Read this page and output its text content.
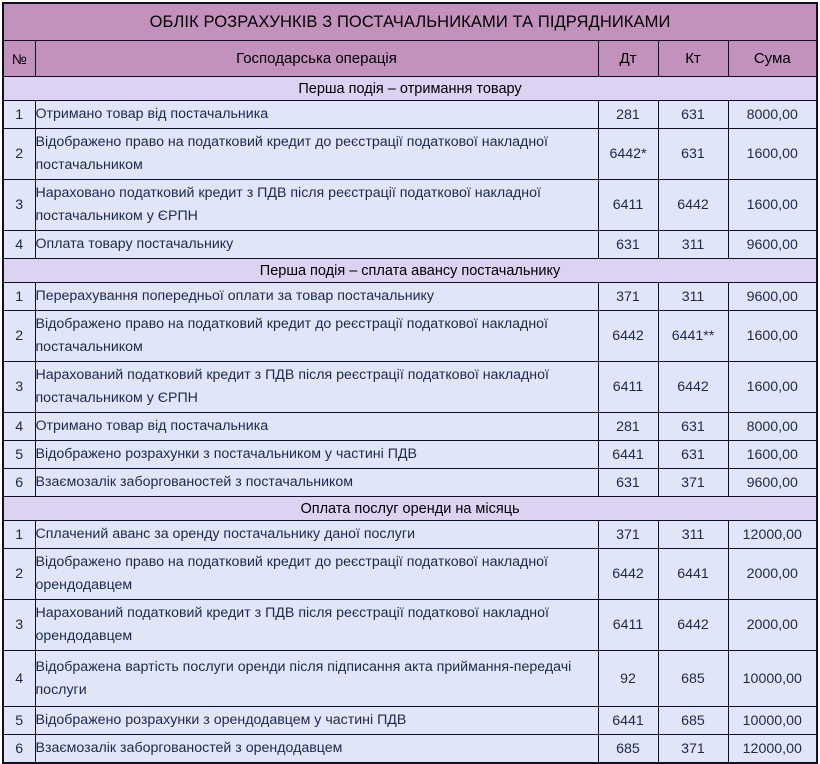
ОБЛІК РОЗРАХУНКІВ З ПОСТАЧАЛЬНИКАМИ ТА ПІДРЯДНИКАМИ				
№	Господарська операція	Дт	Кт	Сума
Перша подія – отримання товару				
1	Отримано товар від постачальника	281	631	8000,00
2	Відображено право на податковий кредит до реєстрації податкової накладної постачальником	6442*	631	1600,00
3	Нараховано податковий кредит з ПДВ після реєстрації податкової накладної постачальником у ЄРПН	6411	6442	1600,00
4	Оплата товару постачальнику	631	311	9600,00
Перша подія – сплата авансу постачальнику				
1	Перерахування попередньої оплати за товар постачальнику	371	311	9600,00
2	Відображено право на податковий кредит до реєстрації податкової накладної постачальником	6442	6441**	1600,00
3	Нарахований податковий кредит з ПДВ після реєстрації податкової накладної постачальником у ЄРПН	6411	6442	1600,00
4	Отримано товар від постачальника	281	631	8000,00
5	Відображено розрахунки з постачальником у частині ПДВ	6441	631	1600,00
6	Взаємозалік заборгованостей з постачальником	631	371	9600,00
Оплата послуг оренди на місяць				
1	Сплачений аванс за оренду постачальнику даної послуги	371	311	12000,00
2	Відображено право на податковий кредит до реєстрації податкової накладної орендодавцем	6442	6441	2000,00
3	Нарахований податковий кредит з ПДВ після реєстрації податкової накладної орендодавцем	6411	6442	2000,00
4	Відображена вартість послуги оренди після підписання акта приймання-передачі послуги	92	685	10000,00
5	Відображено розрахунки з орендодавцем у частині ПДВ	6441	685	10000,00
6	Взаємозалік заборгованостей з орендодавцем	685	371	12000,00
